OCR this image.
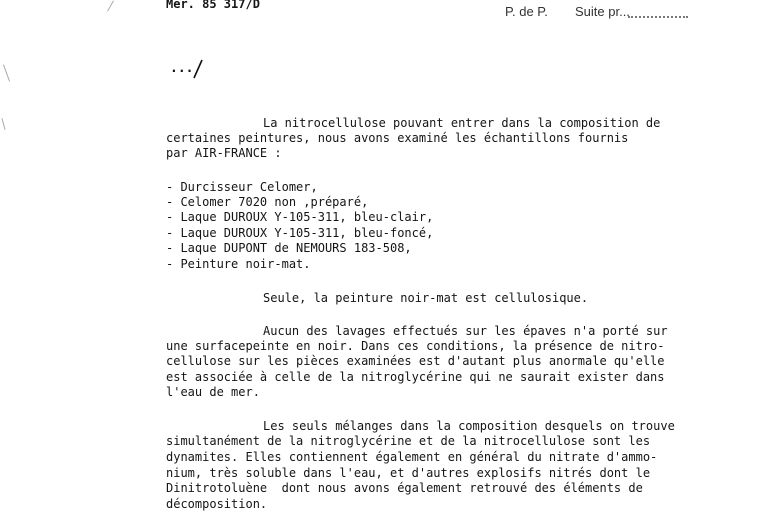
Mer. 85 317/D	P. de P. Suite pr...
...
La nitrocellulose pouvant entrer dans la composition de
certaines peintures, nous avons examiné les échantillons fournis
par AIR-FRANCE :
- Durcisseur Celomer,
- Celomer 7020 non ,préparé,
- Laque DUROUX Y-105-311, bleu-clair,
- Laque DUROUX Y-105-311, bleu-foncé,
- Laque DUPONT de NEMOURS 183-508,
- Peinture noir-mat.
Seule, la peinture noir-mat est cellulosique.
Aucun des lavages effectués sur les épaves n'a porté sur
une surfacepeinte en noir. Dans ces conditions, la présence de nitro-
cellulose sur les pièces examinées est d'autant plus anormale qu'elle
est associée à celle de la nitroglycérine qui ne saurait exister dans
l'eau de mer.
Les seuls mélanges dans la composition desquels on trouve
simultanément de la nitroglycérine et de la nitrocellulose sont les
dynamites. Elles contiennent également en général du nitrate d'ammo-
nium, très soluble dans l'eau, et d'autres explosifs nitrés dont le
Dinitrotoluène  dont nous avons également retrouvé des éléments de
décomposition.
